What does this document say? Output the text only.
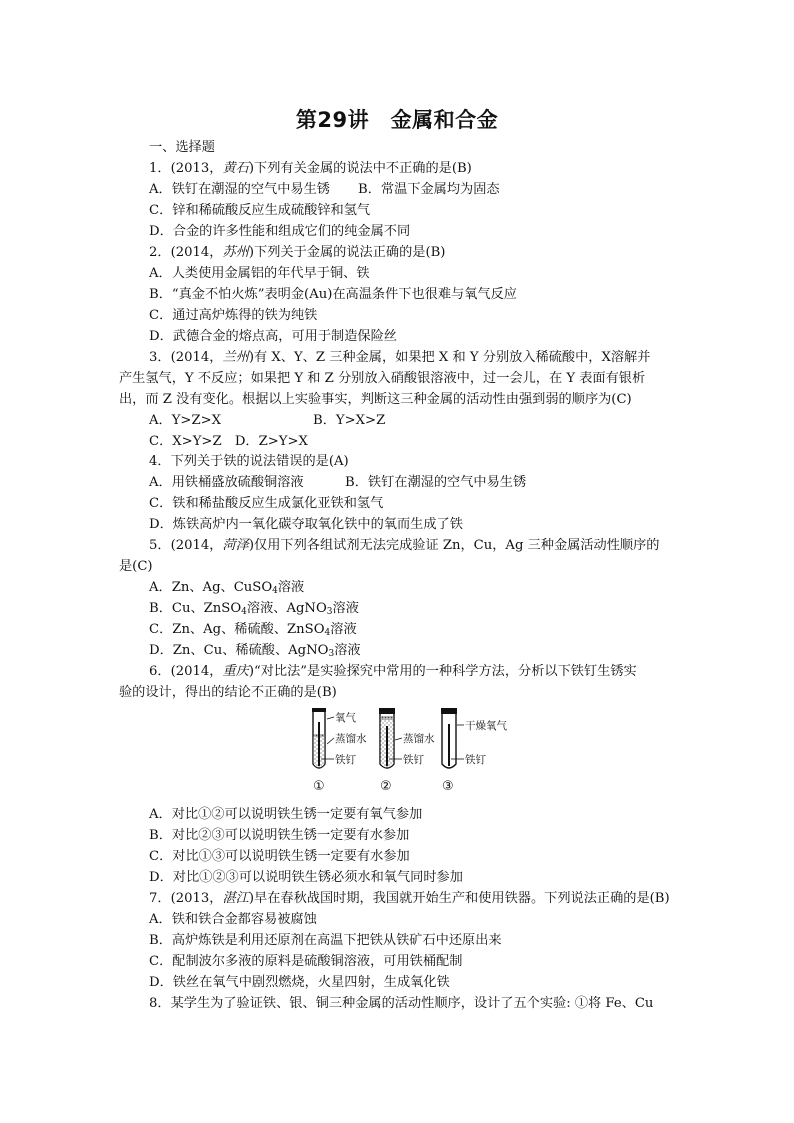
第29讲　金属和合金
一、选择题
1．(2013，黄石)下列有关金属的说法中不正确的是(B)
A．铁钉在潮湿的空气中易生锈 B．常温下金属均为固态
C．锌和稀硫酸反应生成硫酸锌和氢气
D．合金的许多性能和组成它们的纯金属不同
2．(2014，苏州)下列关于金属的说法正确的是(B)
A．人类使用金属铝的年代早于铜、铁
B．“真金不怕火炼”表明金(Au)在高温条件下也很难与氧气反应
C．通过高炉炼得的铁为纯铁
D．武德合金的熔点高，可用于制造保险丝
3．(2014，兰州)有 X、Y、Z 三种金属，如果把 X 和 Y 分别放入稀硫酸中，X溶解并
产生氢气，Y 不反应；如果把 Y 和 Z 分别放入硝酸银溶液中，过一会儿，在 Y 表面有银析
出，而 Z 没有变化。根据以上实验事实，判断这三种金属的活动性由强到弱的顺序为(C)
A．Y>Z>X	B．Y>X>Z
C．X>Y>Z　D．Z>Y>X
4．下列关于铁的说法错误的是(A)
A．用铁桶盛放硫酸铜溶液	B．铁钉在潮湿的空气中易生锈
C．铁和稀盐酸反应生成氯化亚铁和氢气
D．炼铁高炉内一氧化碳夺取氧化铁中的氧而生成了铁
5．(2014，菏泽)仅用下列各组试剂无法完成验证 Zn，Cu，Ag 三种金属活动性顺序的
是(C)
A．Zn、Ag、CuSO$_4$溶液
B．Cu、ZnSO$_4$溶液、AgNO$_3$溶液
C．Zn、Ag、稀硫酸、ZnSO$_4$溶液
D．Zn、Cu、稀硫酸、AgNO$_3$溶液
6．(2014，重庆)“对比法”是实验探究中常用的一种科学方法，分析以下铁钉生锈实
验的设计，得出的结论不正确的是(B)
氧气
蒸馏水
铁钉
蒸馏水
铁钉
干燥氧气
铁钉
①	②	③
A．对比①②可以说明铁生锈一定要有氧气参加
B．对比②③可以说明铁生锈一定要有水参加
C．对比①③可以说明铁生锈一定要有水参加
D．对比①②③可以说明铁生锈必须水和氧气同时参加
7．(2013，湛江)早在春秋战国时期，我国就开始生产和使用铁器。下列说法正确的是(B)
A．铁和铁合金都容易被腐蚀
B．高炉炼铁是利用还原剂在高温下把铁从铁矿石中还原出来
C．配制波尔多液的原料是硫酸铜溶液，可用铁桶配制
D．铁丝在氧气中剧烈燃烧，火星四射，生成氧化铁
8．某学生为了验证铁、银、铜三种金属的活动性顺序，设计了五个实验: ①将 Fe、Cu
